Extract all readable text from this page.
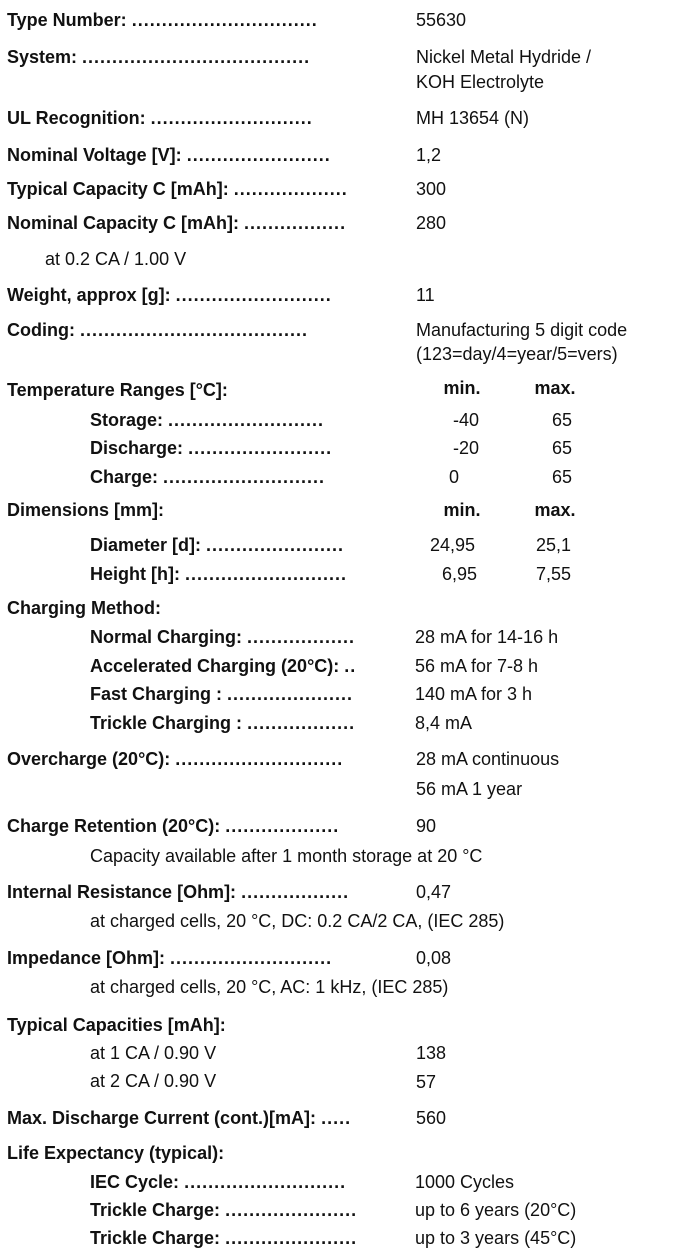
Type Number: ...............................	55630
System: ......................................	Nickel Metal Hydride /
KOH Electrolyte
UL Recognition: ...........................	MH 13654 (N)
Nominal Voltage [V]: ........................	1,2
Typical Capacity C [mAh]: ...................	300
Nominal Capacity C [mAh]: .................	280
at 0.2 CA / 1.00 V
Weight, approx [g]: ..........................	11
Coding: ......................................	Manufacturing 5 digit code
(123=day/4=year/5=vers)
Temperature Ranges [°C]:	min.	max.
Storage: ..........................	-40	65
Discharge: ........................	-20	65
Charge: ...........................	0	65
Dimensions [mm]:	min.	max.
Diameter [d]: .......................	24,95	25,1
Height [h]: ...........................	6,95	7,55
Charging Method:
Normal Charging: ..................	28 mA for 14-16 h
Accelerated Charging (20°C): ..	56 mA for 7-8 h
Fast Charging : .....................	140 mA for 3 h
Trickle Charging : ..................	8,4 mA
Overcharge (20°C): ............................	28 mA continuous
56 mA 1 year
Charge Retention (20°C): ...................	90
Capacity available after 1 month storage at 20 °C
Internal Resistance [Ohm]: ..................	0,47
at charged cells, 20 °C, DC: 0.2 CA/2 CA, (IEC 285)
Impedance [Ohm]: ...........................	0,08
at charged cells, 20 °C, AC: 1 kHz, (IEC 285)
Typical Capacities [mAh]:
at 1 CA / 0.90 V	138
at 2 CA / 0.90 V	57
Max. Discharge Current (cont.)[mA]: .....	560
Life Expectancy (typical):
IEC Cycle: ...........................	1000 Cycles
Trickle Charge: ......................	up to 6 years (20°C)
Trickle Charge: ......................	up to 3 years (45°C)
